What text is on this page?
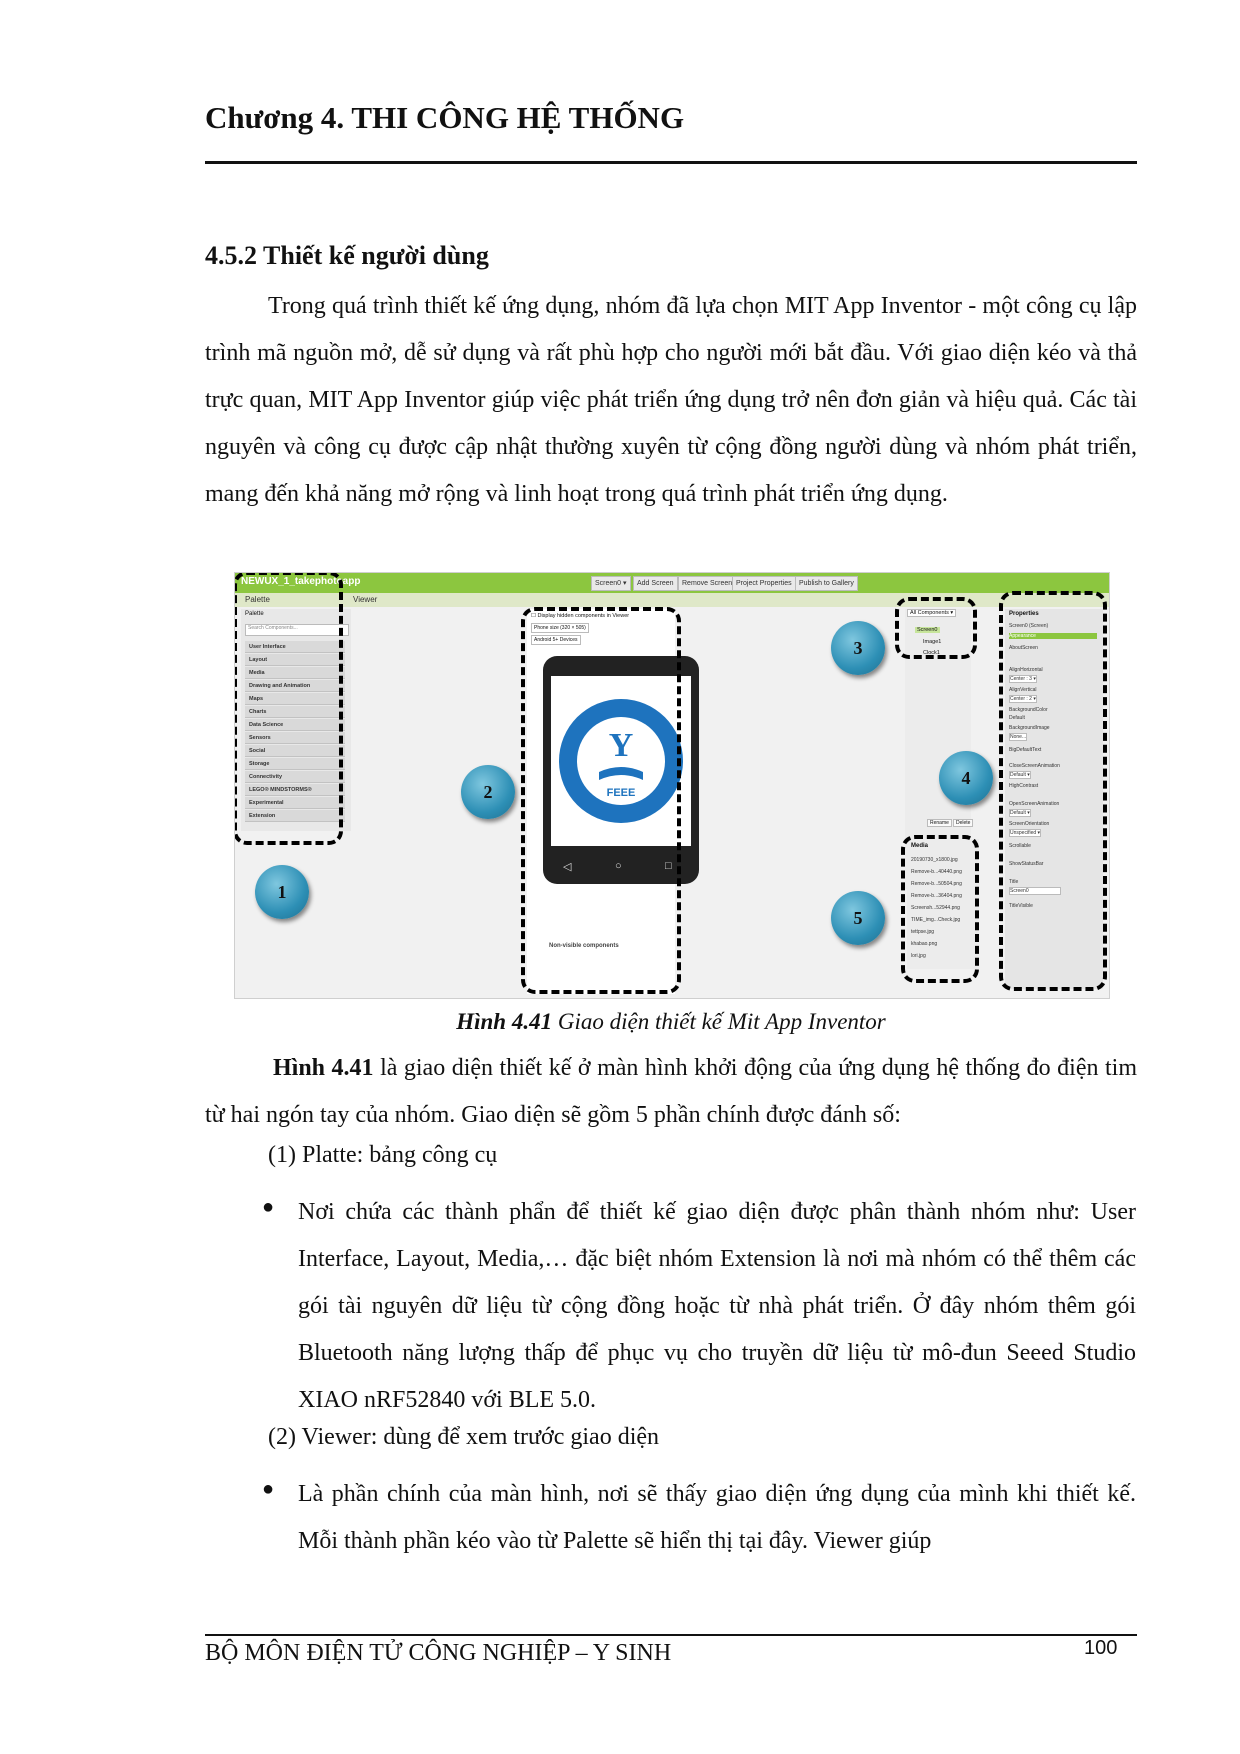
Chương 4. THI CÔNG HỆ THỐNG
4.5.2 Thiết kế người dùng

Trong quá trình thiết kế ứng dụng, nhóm đã lựa chọn MIT App Inventor - một công cụ lập trình mã nguồn mở, dễ sử dụng và rất phù hợp cho người mới bắt đầu. Với giao diện kéo và thả trực quan, MIT App Inventor giúp việc phát triển ứng dụng trở nên đơn giản và hiệu quả. Các tài nguyên và công cụ được cập nhật thường xuyên từ cộng đồng người dùng và nhóm phát triển, mang đến khả năng mở rộng và linh hoạt trong quá trình phát triển ứng dụng.

NEWUX_1_takephotoapp	Screen0 ▾	Add Screen	Remove Screen Project Properties	Publish to Gallery
Palette	Viewer
Palette
Search Components...
User Interface
Layout
Media
Drawing and Animation
Maps
Charts
Data Science
Sensors
Social
Storage
Connectivity
LEGO® MINDSTORMS®
Experimental
Extension
☐ Display hidden components in Viewer
Phone size (320 × 505)
Android 5+ Devices
Non-visible components
◁	○	□
Y
FEEE
All Components ▾
Screen0
Image1
Clock1
Rename	Delete
Media
20190730_x1800.jpg
Remove-b...40440.png
Remove-b...50504.png
Remove-b...36404.png
Screensh...52944.png
TIME_img...Check.jpg
tettpse.jpg
khabao.png
lori.jpg
Properties
Screen0 (Screen)
Appearance
AboutScreen
AlignHorizontal
Center : 3 ▾
AlignVertical
Center : 2 ▾
BackgroundColor
Default
BackgroundImage
None...
BigDefaultText
CloseScreenAnimation
Default ▾
HighContrast
OpenScreenAnimation
Default ▾
ScreenOrientation
Unspecified ▾
Scrollable
ShowStatusBar
Title
Screen0
TitleVisible
1
2
3
4
5

Hình 4.41 Giao diện thiết kế Mit App Inventor

Hình 4.41 là giao diện thiết kế ở màn hình khởi động của ứng dụng hệ thống đo điện tim từ hai ngón tay của nhóm. Giao diện sẽ gồm 5 phần chính được đánh số:

(1) Platte: bảng công cụ

● Nơi chứa các thành phẩn để thiết kế giao diện được phân thành nhóm như: User Interface, Layout, Media,… đặc biệt nhóm Extension là nơi mà nhóm có thể thêm các gói tài nguyên dữ liệu từ cộng đồng hoặc từ nhà phát triển. Ở đây nhóm thêm gói Bluetooth năng lượng thấp để phục vụ cho truyền dữ liệu từ mô-đun Seeed Studio XIAO nRF52840 với BLE 5.0.

(2) Viewer: dùng để xem trước giao diện

● Là phần chính của màn hình, nơi sẽ thấy giao diện ứng dụng của mình khi thiết kế. Mỗi thành phần kéo vào từ Palette sẽ hiển thị tại đây. Viewer giúp

BỘ MÔN ĐIỆN TỬ CÔNG NGHIỆP – Y SINH	100
